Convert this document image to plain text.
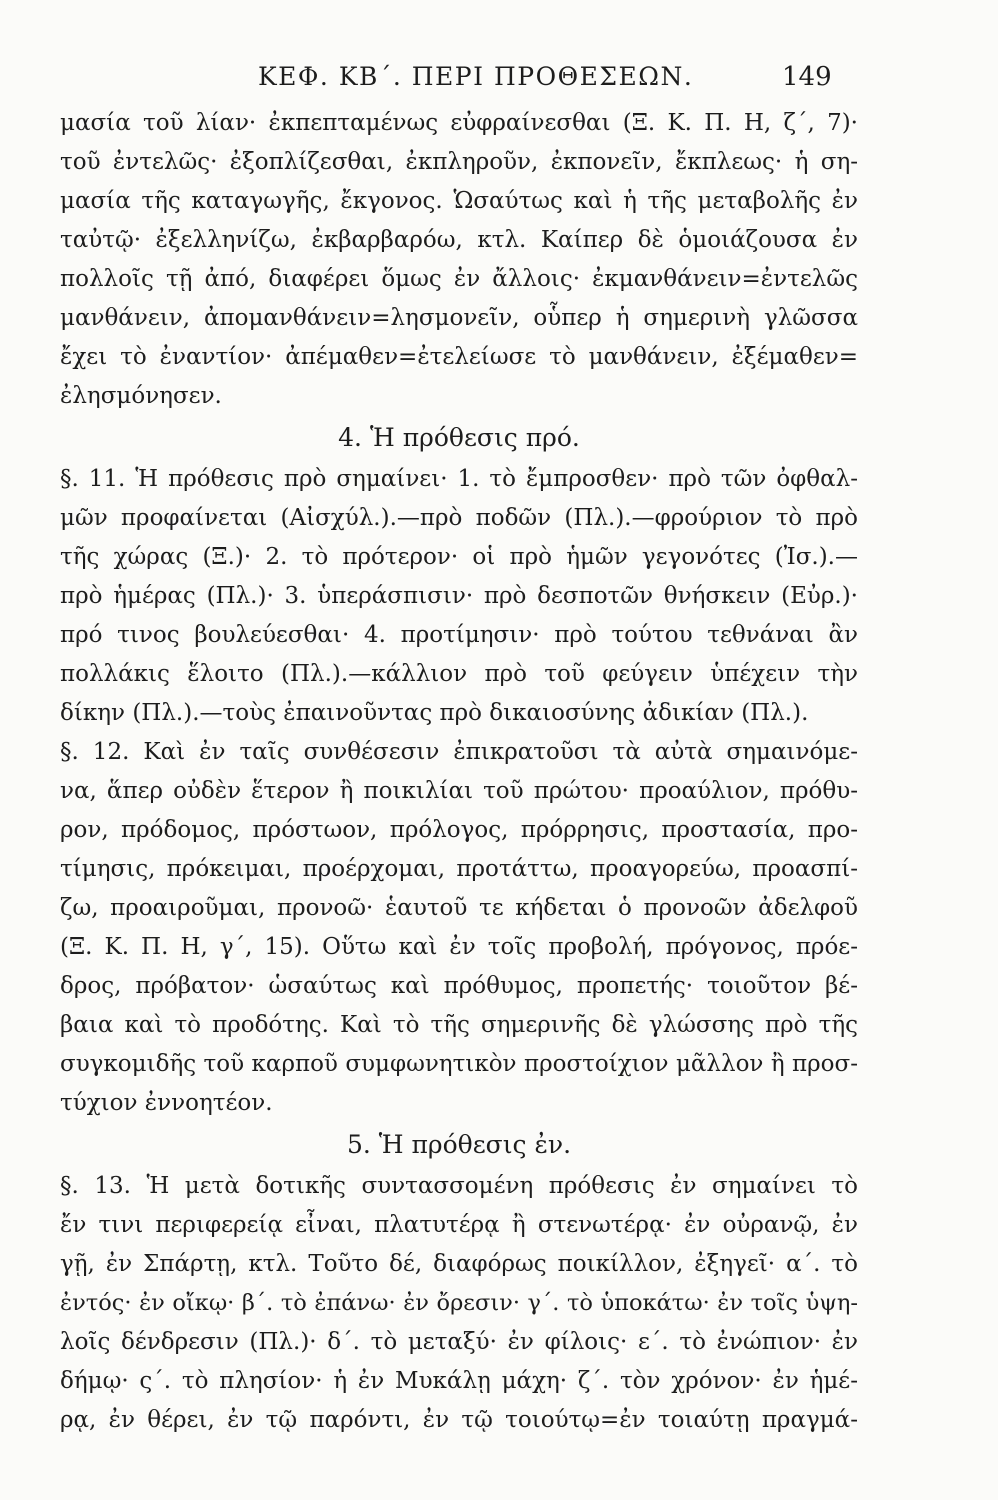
ΚΕΦ. ΚΒ΄. ΠΕΡΙ ΠΡΟΘΕΣΕΩΝ.	149
μασία τοῦ λίαν· ἐκπεπταμένως εὐφραίνεσθαι (Ξ. Κ. Π. Η, ζ΄, 7)·
τοῦ ἐντελῶς· ἐξοπλίζεσθαι, ἐκπληροῦν, ἐκπονεῖν, ἔκπλεως· ἡ ση-
μασία τῆς καταγωγῆς, ἔκγονος. Ὡσαύτως καὶ ἡ τῆς μεταβολῆς ἐν
ταὐτῷ· ἐξελληνίζω, ἐκβαρβαρόω, κτλ. Καίπερ δὲ ὁμοιάζουσα ἐν
πολλοῖς τῇ ἀπό, διαφέρει ὅμως ἐν ἄλλοις· ἐκμανθάνειν=ἐντελῶς
μανθάνειν, ἀπομανθάνειν=λησμονεῖν, οὗπερ ἡ σημερινὴ γλῶσσα
ἔχει τὸ ἐναντίον· ἀπέμαθεν=ἐτελείωσε τὸ μανθάνειν, ἐξέμαθεν=
ἐλησμόνησεν.
4. Ἡ πρόθεσις πρό.
§. 11. Ἡ πρόθεσις πρὸ σημαίνει· 1. τὸ ἔμπροσθεν· πρὸ τῶν ὀφθαλ-
μῶν προφαίνεται (Αἰσχύλ.).—πρὸ ποδῶν (Πλ.).—φρούριον τὸ πρὸ
τῆς χώρας (Ξ.)· 2. τὸ πρότερον· οἱ πρὸ ἡμῶν γεγονότες (Ἰσ.).—
πρὸ ἡμέρας (Πλ.)· 3. ὑπεράσπισιν· πρὸ δεσποτῶν θνήσκειν (Εὐρ.)·
πρό τινος βουλεύεσθαι· 4. προτίμησιν· πρὸ τούτου τεθνάναι ἂν
πολλάκις ἕλοιτο (Πλ.).—κάλλιον πρὸ τοῦ φεύγειν ὑπέχειν τὴν
δίκην (Πλ.).—τοὺς ἐπαινοῦντας πρὸ δικαιοσύνης ἀδικίαν (Πλ.).
§. 12. Καὶ ἐν ταῖς συνθέσεσιν ἐπικρατοῦσι τὰ αὐτὰ σημαινόμε-
να, ἅπερ οὐδὲν ἕτερον ἢ ποικιλίαι τοῦ πρώτου· προαύλιον, πρόθυ-
ρον, πρόδομος, πρόστωον, πρόλογος, πρόρρησις, προστασία, προ-
τίμησις, πρόκειμαι, προέρχομαι, προτάττω, προαγορεύω, προασπί-
ζω, προαιροῦμαι, προνοῶ· ἑαυτοῦ τε κήδεται ὁ προνοῶν ἀδελφοῦ
(Ξ. Κ. Π. Η, γ΄, 15). Οὕτω καὶ ἐν τοῖς προβολή, πρόγονος, πρόε-
δρος, πρόβατον· ὡσαύτως καὶ πρόθυμος, προπετής· τοιοῦτον βέ-
βαια καὶ τὸ προδότης. Καὶ τὸ τῆς σημερινῆς δὲ γλώσσης πρὸ τῆς
συγκομιδῆς τοῦ καρποῦ συμφωνητικὸν προστοίχιον μᾶλλον ἢ προσ-
τύχιον ἐννοητέον.
5. Ἡ πρόθεσις ἐν.
§. 13. Ἡ μετὰ δοτικῆς συντασσομένη πρόθεσις ἐν σημαίνει τὸ
ἔν τινι περιφερείᾳ εἶναι, πλατυτέρᾳ ἢ στενωτέρᾳ· ἐν οὐρανῷ, ἐν
γῇ, ἐν Σπάρτῃ, κτλ. Τοῦτο δέ, διαφόρως ποικίλλον, ἐξηγεῖ· α΄. τὸ
ἐντός· ἐν οἴκῳ· β΄. τὸ ἐπάνω· ἐν ὄρεσιν· γ΄. τὸ ὑποκάτω· ἐν τοῖς ὑψη-
λοῖς δένδρεσιν (Πλ.)· δ΄. τὸ μεταξύ· ἐν φίλοις· ε΄. τὸ ἐνώπιον· ἐν
δήμῳ· ς΄. τὸ πλησίον· ἡ ἐν Μυκάλῃ μάχη· ζ΄. τὸν χρόνον· ἐν ἡμέ-
ρᾳ, ἐν θέρει, ἐν τῷ παρόντι, ἐν τῷ τοιούτῳ=ἐν τοιαύτῃ πραγμά-
